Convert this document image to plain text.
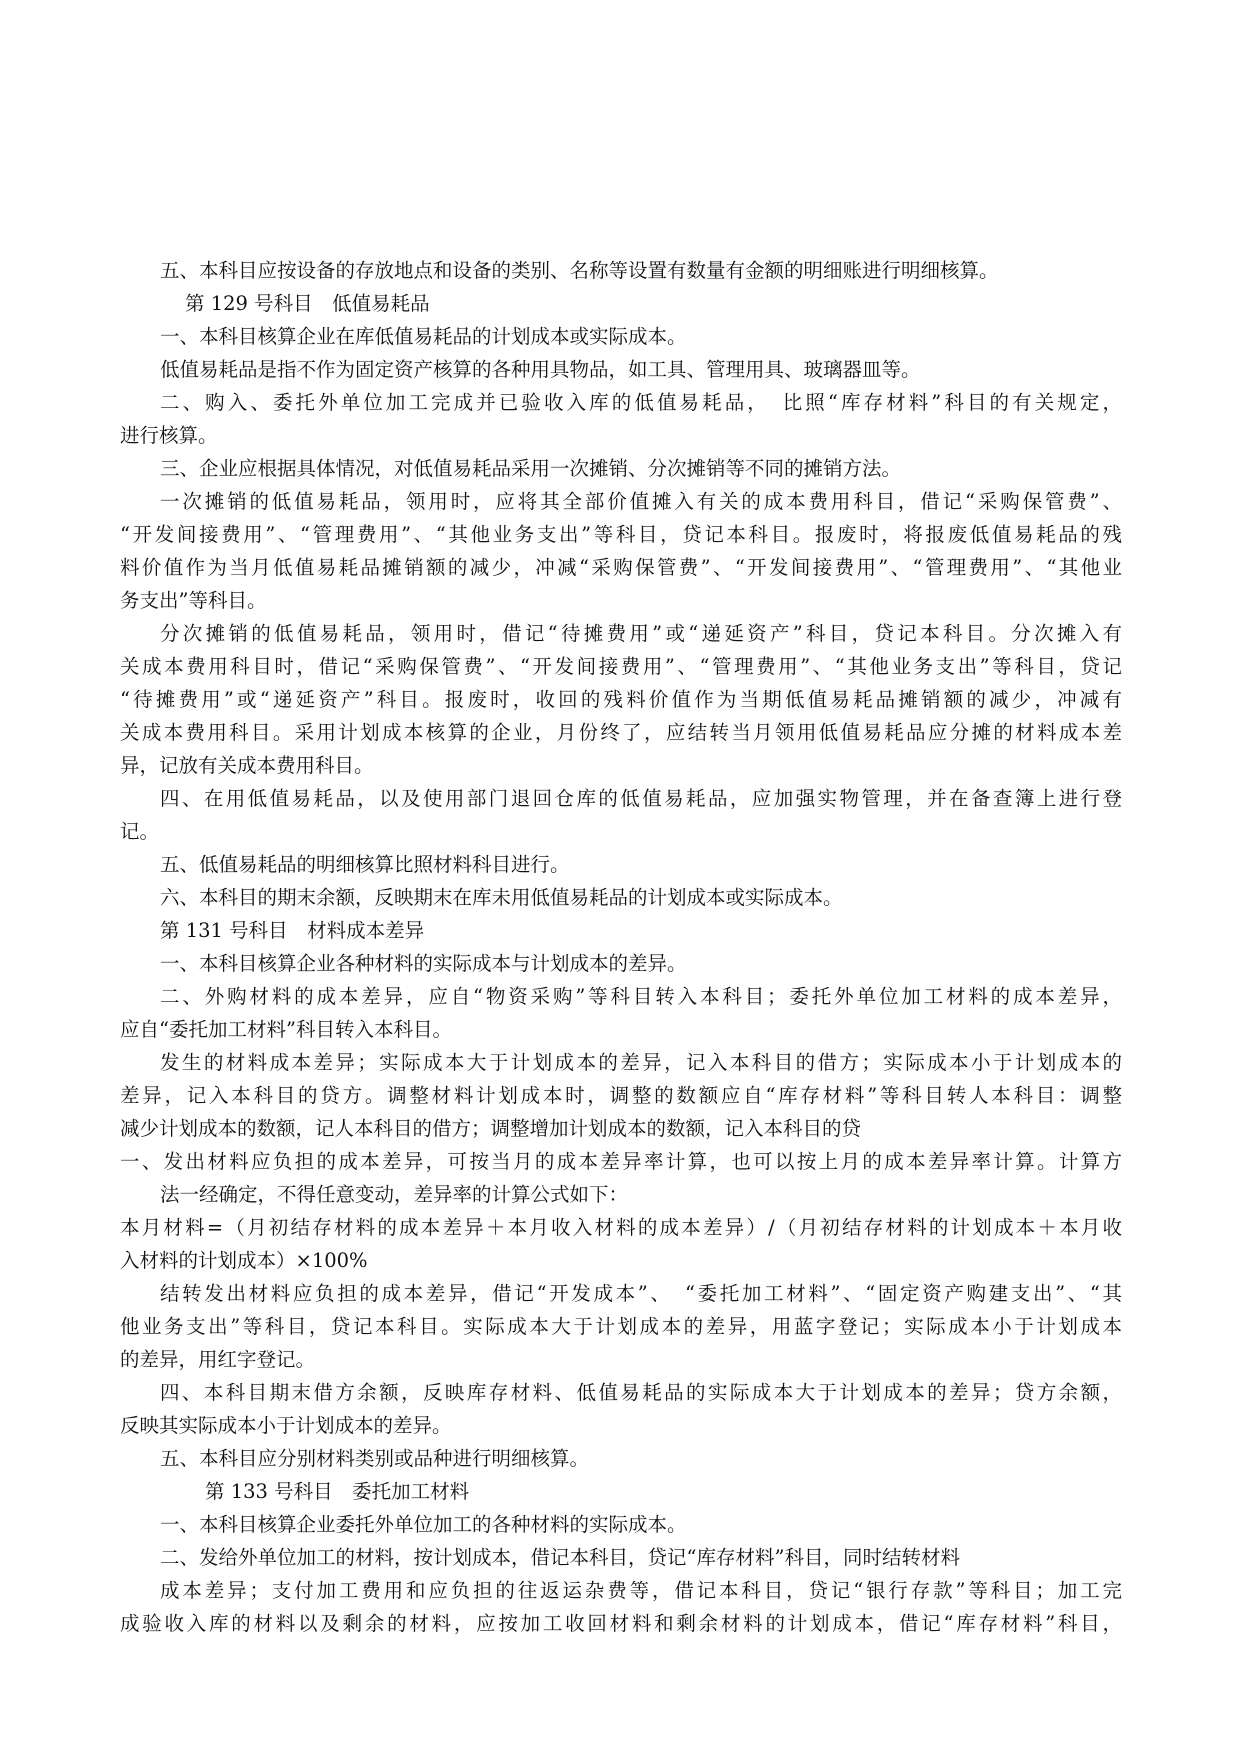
五、本科目应按设备的存放地点和设备的类别、名称等设置有数量有金额的明细账进行明细核算。
第 129 号科目　低值易耗品
一、本科目核算企业在库低值易耗品的计划成本或实际成本。
低值易耗品是指不作为固定资产核算的各种用具物品，如工具、管理用具、玻璃器皿等。
二、购入、委托外单位加工完成并已验收入库的低值易耗品，　比照“库存材料”科目的有关规定，
进行核算。
三、企业应根据具体情况，对低值易耗品采用一次摊销、分次摊销等不同的摊销方法。
一次摊销的低值易耗品，领用时，应将其全部价值摊入有关的成本费用科目，借记“采购保管费”、
“开发间接费用”、“管理费用”、“其他业务支出”等科目，贷记本科目。报废时，将报废低值易耗品的残
料价值作为当月低值易耗品摊销额的减少，冲减“采购保管费”、“开发间接费用”、“管理费用”、“其他业
务支出”等科目。
分次摊销的低值易耗品，领用时，借记“待摊费用”或“递延资产”科目，贷记本科目。分次摊入有
关成本费用科目时，借记“采购保管费”、“开发间接费用”、“管理费用”、“其他业务支出”等科目，贷记
“待摊费用”或“递延资产”科目。报废时，收回的残料价值作为当期低值易耗品摊销额的减少，冲减有
关成本费用科目。采用计划成本核算的企业，月份终了，应结转当月领用低值易耗品应分摊的材料成本差
异，记放有关成本费用科目。
四、在用低值易耗品，以及使用部门退回仓库的低值易耗品，应加强实物管理，并在备查簿上进行登
记。
五、低值易耗品的明细核算比照材料科目进行。
六、本科目的期末余额，反映期末在库未用低值易耗品的计划成本或实际成本。
第 131 号科目　材料成本差异
一、本科目核算企业各种材料的实际成本与计划成本的差异。
二、外购材料的成本差异，应自“物资采购”等科目转入本科目；委托外单位加工材料的成本差异，
应自“委托加工材料”科目转入本科目。
发生的材料成本差异；实际成本大于计划成本的差异，记入本科目的借方；实际成本小于计划成本的
差异，记入本科目的贷方。调整材料计划成本时，调整的数额应自“库存材料”等科目转人本科目：调整
减少计划成本的数额，记人本科目的借方；调整增加计划成本的数额，记入本科目的贷
一、发出材料应负担的成本差异，可按当月的成本差异率计算，也可以按上月的成本差异率计算。计算方
法一经确定，不得任意变动，差异率的计算公式如下：
本月材料=（月初结存材料的成本差异＋本月收入材料的成本差异）/（月初结存材料的计划成本＋本月收
入材料的计划成本）×100%
结转发出材料应负担的成本差异，借记“开发成本”、　“委托加工材料”、“固定资产购建支出”、“其
他业务支出”等科目，贷记本科目。实际成本大于计划成本的差异，用蓝字登记；实际成本小于计划成本
的差异，用红字登记。
四、本科目期末借方余额，反映库存材料、低值易耗品的实际成本大于计划成本的差异；贷方余额，
反映其实际成本小于计划成本的差异。
五、本科目应分别材料类别或品种进行明细核算。
第 133 号科目　委托加工材料
一、本科目核算企业委托外单位加工的各种材料的实际成本。
二、发给外单位加工的材料，按计划成本，借记本科目，贷记“库存材料”科目，同时结转材料
成本差异；支付加工费用和应负担的往返运杂费等，借记本科目，贷记“银行存款”等科目；加工完
成验收入库的材料以及剩余的材料，应按加工收回材料和剩余材料的计划成本，借记“库存材料”科目，
